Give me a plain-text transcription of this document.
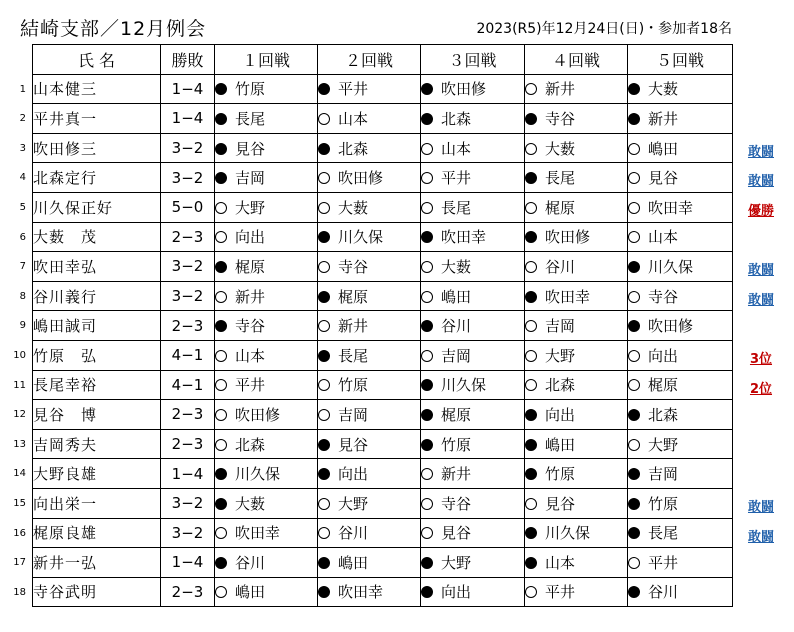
結崎支部／12月例会	2023(R5)年12月24日(日)・参加者18名
氏 名	勝敗	１回戦	２回戦	３回戦	４回戦	５回戦
山本健三	1−4	竹原	平井	吹田修	新井	大薮
平井真一	1−4	長尾	山本	北森	寺谷	新井
吹田修三	3−2	見谷	北森	山本	大薮	嶋田
北森定行	3−2	吉岡	吹田修	平井	長尾	見谷
川久保正好	5−0	大野	大薮	長尾	梶原	吹田幸
大薮　茂	2−3	向出	川久保	吹田幸	吹田修	山本
吹田幸弘	3−2	梶原	寺谷	大薮	谷川	川久保
谷川義行	3−2	新井	梶原	嶋田	吹田幸	寺谷
嶋田誠司	2−3	寺谷	新井	谷川	吉岡	吹田修
竹原　弘	4−1	山本	長尾	吉岡	大野	向出
長尾幸裕	4−1	平井	竹原	川久保	北森	梶原
見谷　博	2−3	吹田修	吉岡	梶原	向出	北森
吉岡秀夫	2−3	北森	見谷	竹原	嶋田	大野
大野良雄	1−4	川久保	向出	新井	竹原	吉岡
向出栄一	3−2	大薮	大野	寺谷	見谷	竹原
梶原良雄	3−2	吹田幸	谷川	見谷	川久保	長尾
新井一弘	1−4	谷川	嶋田	大野	山本	平井
寺谷武明	2−3	嶋田	吹田幸	向出	平井	谷川
1
2
3	敢闘
4	敢闘
5	優勝
6
7	敢闘
8	敢闘
9
10	3位
11	2位
12
13
14
15	敢闘
16	敢闘
17
18
